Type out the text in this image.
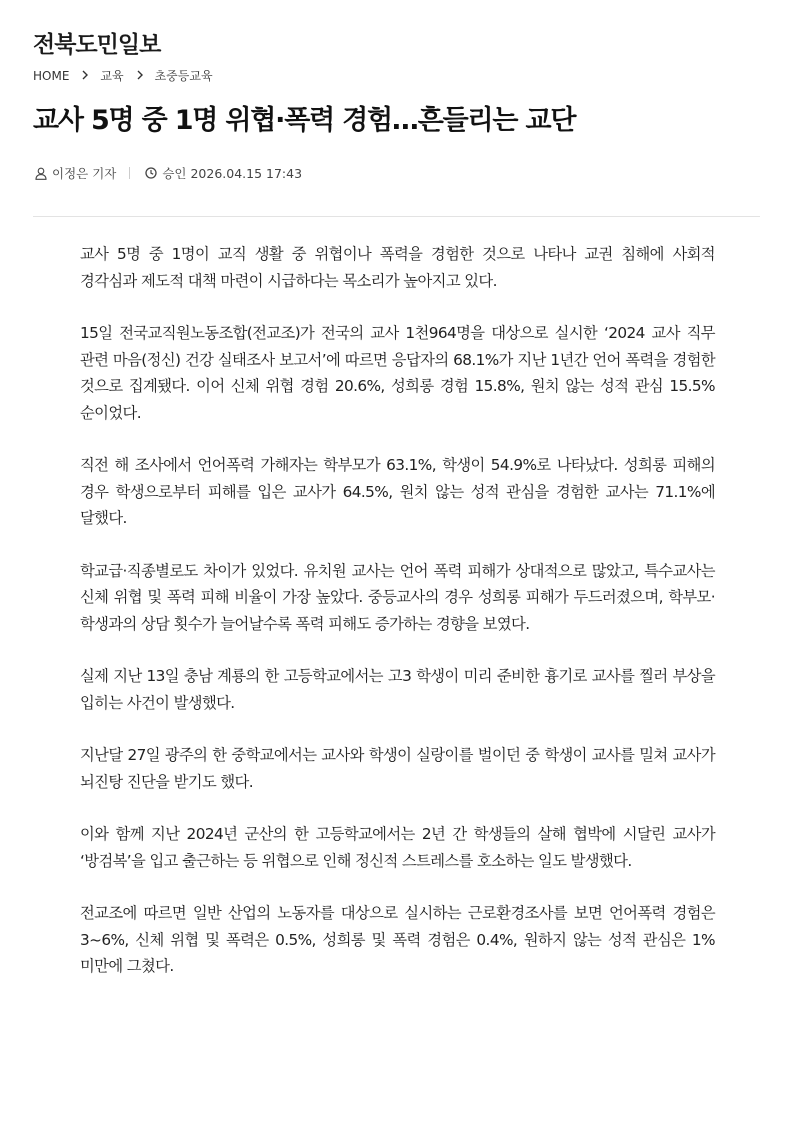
전북도민일보
HOME	교육	초중등교육
교사 5명 중 1명 위협·폭력 경험…흔들리는 교단
이정은 기자	승인 2026.04.15 17:43

교사 5명 중 1명이 교직 생활 중 위협이나 폭력을 경험한 것으로 나타나 교권 침해에 사회적 경각심과 제도적 대책 마련이 시급하다는 목소리가 높아지고 있다.

15일 전국교직원노동조합(전교조)가 전국의 교사 1천964명을 대상으로 실시한 ‘2024 교사 직무 관련 마음(정신) 건강 실태조사 보고서’에 따르면 응답자의 68.1%가 지난 1년간 언어 폭력을 경험한 것으로 집계됐다. 이어 신체 위협 경험 20.6%, 성희롱 경험 15.8%, 원치 않는 성적 관심 15.5% 순이었다.

직전 해 조사에서 언어폭력 가해자는 학부모가 63.1%, 학생이 54.9%로 나타났다. 성희롱 피해의 경우 학생으로부터 피해를 입은 교사가 64.5%, 원치 않는 성적 관심을 경험한 교사는 71.1%에 달했다.

학교급·직종별로도 차이가 있었다. 유치원 교사는 언어 폭력 피해가 상대적으로 많았고, 특수교사는 신체 위협 및 폭력 피해 비율이 가장 높았다. 중등교사의 경우 성희롱 피해가 두드러졌으며, 학부모·학생과의 상담 횟수가 늘어날수록 폭력 피해도 증가하는 경향을 보였다.

실제 지난 13일 충남 계룡의 한 고등학교에서는 고3 학생이 미리 준비한 흉기로 교사를 찔러 부상을 입히는 사건이 발생했다.

지난달 27일 광주의 한 중학교에서는 교사와 학생이 실랑이를 벌이던 중 학생이 교사를 밀쳐 교사가 뇌진탕 진단을 받기도 했다.

이와 함께 지난 2024년 군산의 한 고등학교에서는 2년 간 학생들의 살해 협박에 시달린 교사가 ‘방검복’을 입고 출근하는 등 위협으로 인해 정신적 스트레스를 호소하는 일도 발생했다.

전교조에 따르면 일반 산업의 노동자를 대상으로 실시하는 근로환경조사를 보면 언어폭력 경험은 3~6%, 신체 위협 및 폭력은 0.5%, 성희롱 및 폭력 경험은 0.4%, 원하지 않는 성적 관심은 1% 미만에 그쳤다.
